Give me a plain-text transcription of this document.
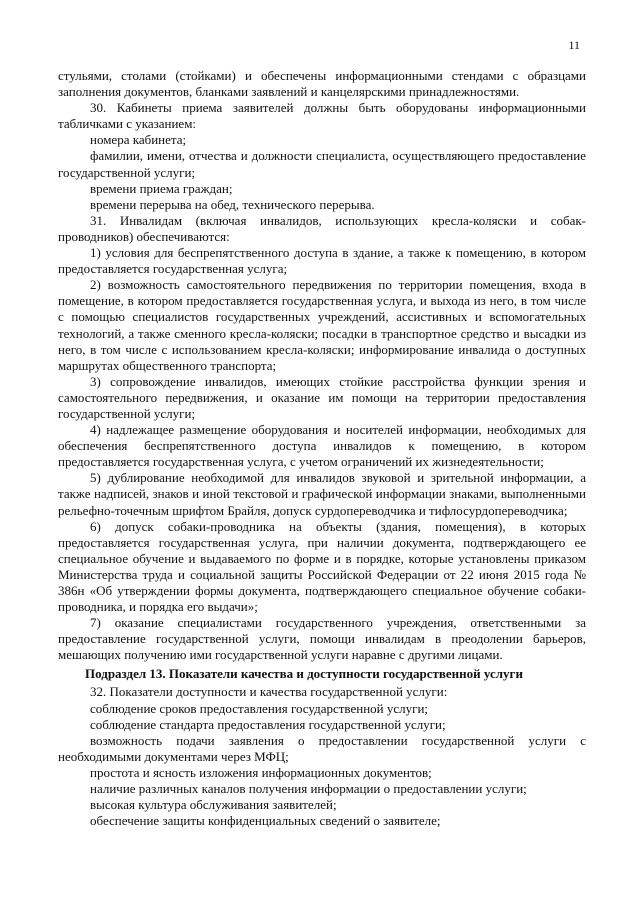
11

стульями, столами (стойками) и обеспечены информационными стендами с образцами заполнения документов, бланками заявлений и канцелярскими принадлежностями.

30. Кабинеты приема заявителей должны быть оборудованы информационными табличками с указанием:

номера кабинета;

фамилии, имени, отчества и должности специалиста, осуществляющего предоставление государственной услуги;

времени приема граждан;

времени перерыва на обед, технического перерыва.

31. Инвалидам (включая инвалидов, использующих кресла-коляски и собак-проводников) обеспечиваются:

1) условия для беспрепятственного доступа в здание, а также к помещению, в котором предоставляется государственная услуга;

2) возможность самостоятельного передвижения по территории помещения, входа в помещение, в котором предоставляется государственная услуга, и выхода из него, в том числе с помощью специалистов государственных учреждений, ассистивных и вспомогательных технологий, а также сменного кресла-коляски; посадки в транспортное средство и высадки из него, в том числе с использованием кресла-коляски; информирование инвалида о доступных маршрутах общественного транспорта;

3) сопровождение инвалидов, имеющих стойкие расстройства функции зрения и самостоятельного передвижения, и оказание им помощи на территории предоставления государственной услуги;

4) надлежащее размещение оборудования и носителей информации, необходимых для обеспечения беспрепятственного доступа инвалидов к помещению, в котором предоставляется государственная услуга, с учетом ограничений их жизнедеятельности;

5) дублирование необходимой для инвалидов звуковой и зрительной информации, а также надписей, знаков и иной текстовой и графической информации знаками, выполненными рельефно-точечным шрифтом Брайля, допуск сурдопереводчика и тифлосурдопереводчика;

6) допуск собаки-проводника на объекты (здания, помещения), в которых предоставляется государственная услуга, при наличии документа, подтверждающего ее специальное обучение и выдаваемого по форме и в порядке, которые установлены приказом Министерства труда и социальной защиты Российской Федерации от 22 июня 2015 года № 386н «Об утверждении формы документа, подтверждающего специальное обучение собаки-проводника, и порядка его выдачи»;

7) оказание специалистами государственного учреждения, ответственными за предоставление государственной услуги, помощи инвалидам в преодолении барьеров, мешающих получению ими государственной услуги наравне с другими лицами.

Подраздел 13. Показатели качества и доступности государственной услуги

32. Показатели доступности и качества государственной услуги:

соблюдение сроков предоставления государственной услуги;

соблюдение стандарта предоставления государственной услуги;

возможность подачи заявления о предоставлении государственной услуги с необходимыми документами через МФЦ;

простота и ясность изложения информационных документов;

наличие различных каналов получения информации о предоставлении услуги;

высокая культура обслуживания заявителей;

обеспечение защиты конфиденциальных сведений о заявителе;
